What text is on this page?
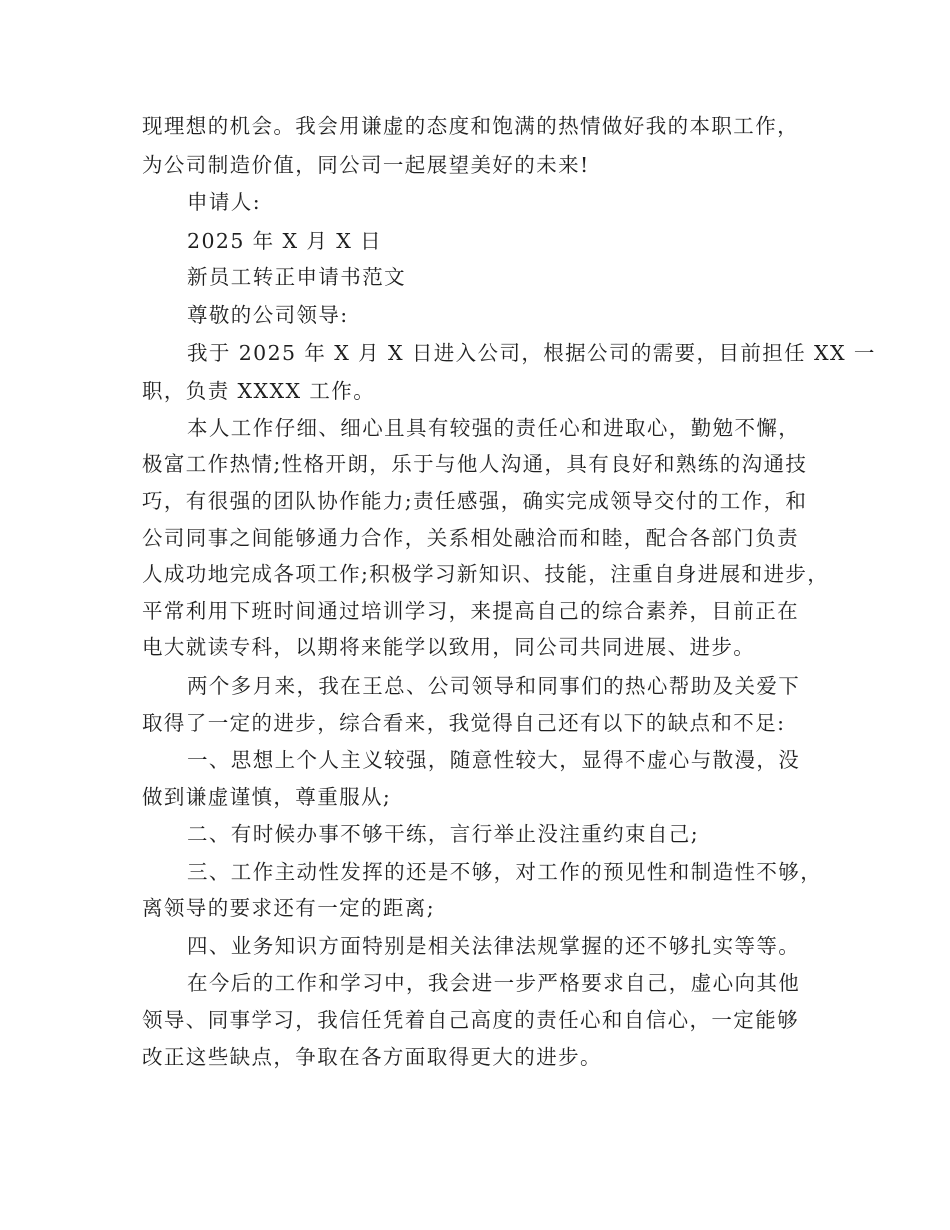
现理想的机会。我会用谦虚的态度和饱满的热情做好我的本职工作，
为公司制造价值，同公司一起展望美好的未来!
申请人:
2025 年 X 月 X 日
新员工转正申请书范文
尊敬的公司领导:
我于 2025 年 X 月 X 日进入公司，根据公司的需要，目前担任 XX 一
职，负责 XXXX 工作。
本人工作仔细、细心且具有较强的责任心和进取心，勤勉不懈，
极富工作热情;性格开朗，乐于与他人沟通，具有良好和熟练的沟通技
巧，有很强的团队协作能力;责任感强，确实完成领导交付的工作，和
公司同事之间能够通力合作，关系相处融洽而和睦，配合各部门负责
人成功地完成各项工作;积极学习新知识、技能，注重自身进展和进步，
平常利用下班时间通过培训学习，来提高自己的综合素养，目前正在
电大就读专科，以期将来能学以致用，同公司共同进展、进步。
两个多月来，我在王总、公司领导和同事们的热心帮助及关爱下
取得了一定的进步，综合看来，我觉得自己还有以下的缺点和不足:
一、思想上个人主义较强，随意性较大，显得不虚心与散漫，没
做到谦虚谨慎，尊重服从;
二、有时候办事不够干练，言行举止没注重约束自己;
三、工作主动性发挥的还是不够，对工作的预见性和制造性不够，
离领导的要求还有一定的距离;
四、业务知识方面特别是相关法律法规掌握的还不够扎实等等。
在今后的工作和学习中，我会进一步严格要求自己，虚心向其他
领导、同事学习，我信任凭着自己高度的责任心和自信心，一定能够
改正这些缺点，争取在各方面取得更大的进步。
